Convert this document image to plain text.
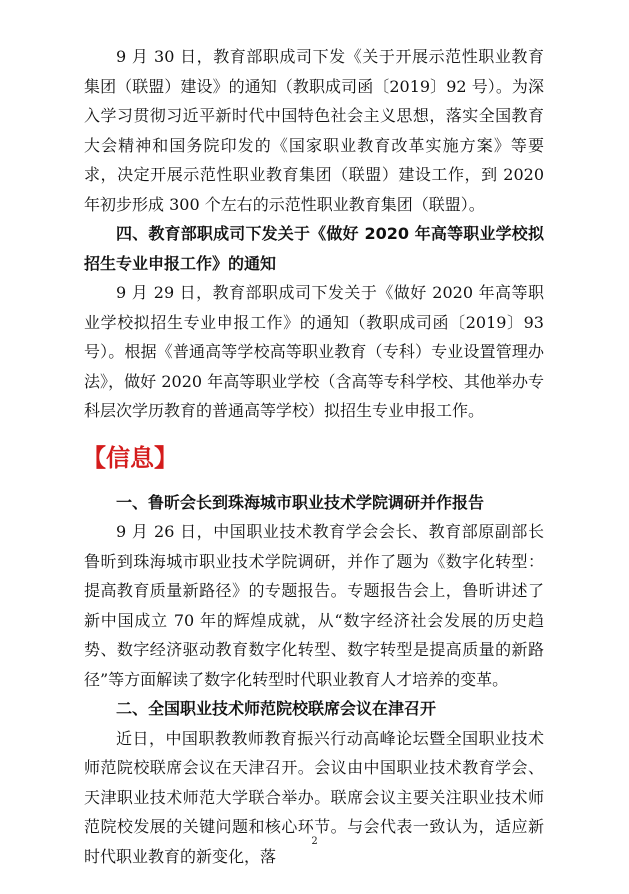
9 月 30 日，教育部职成司下发《关于开展示范性职业教育集团（联盟）建设》的通知（教职成司函〔2019〕92 号）。为深入学习贯彻习近平新时代中国特色社会主义思想，落实全国教育大会精神和国务院印发的《国家职业教育改革实施方案》等要求，决定开展示范性职业教育集团（联盟）建设工作，到 2020 年初步形成 300 个左右的示范性职业教育集团（联盟）。

四、教育部职成司下发关于《做好 2020 年高等职业学校拟招生专业申报工作》的通知

9 月 29 日，教育部职成司下发关于《做好 2020 年高等职业学校拟招生专业申报工作》的通知（教职成司函〔2019〕93 号）。根据《普通高等学校高等职业教育（专科）专业设置管理办法》，做好 2020 年高等职业学校（含高等专科学校、其他举办专科层次学历教育的普通高等学校）拟招生专业申报工作。

【信息】

一、鲁昕会长到珠海城市职业技术学院调研并作报告

9 月 26 日，中国职业技术教育学会会长、教育部原副部长鲁昕到珠海城市职业技术学院调研，并作了题为《数字化转型：提高教育质量新路径》的专题报告。专题报告会上，鲁昕讲述了新中国成立 70 年的辉煌成就，从“数字经济社会发展的历史趋势、数字经济驱动教育数字化转型、数字转型是提高质量的新路径”等方面解读了数字化转型时代职业教育人才培养的变革。

二、全国职业技术师范院校联席会议在津召开

近日，中国职教教师教育振兴行动高峰论坛暨全国职业技术师范院校联席会议在天津召开。会议由中国职业技术教育学会、天津职业技术师范大学联合举办。联席会议主要关注职业技术师范院校发展的关键问题和核心环节。与会代表一致认为，适应新时代职业教育的新变化，落

2
